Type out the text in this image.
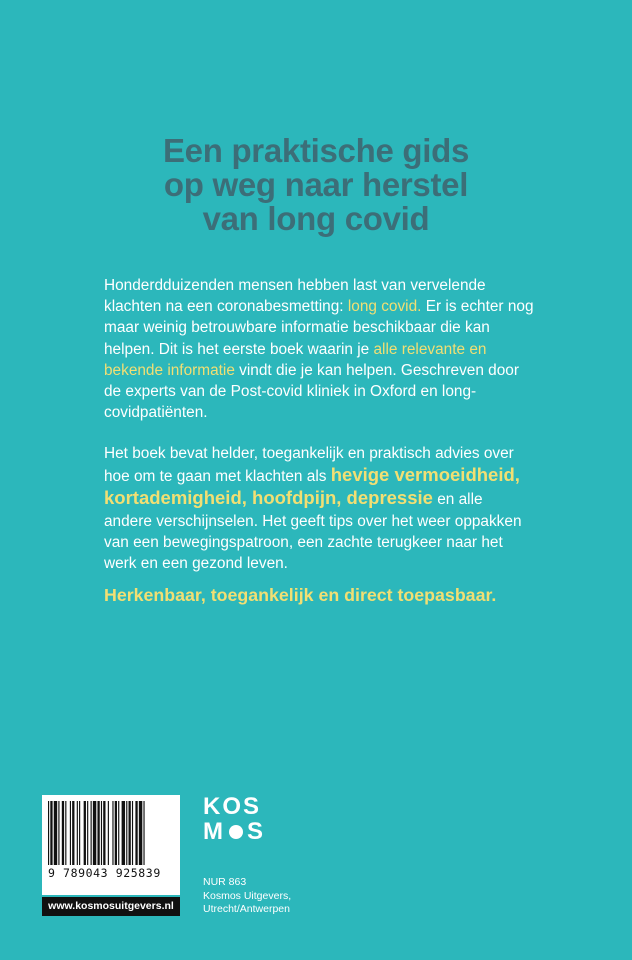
Een praktische gids
op weg naar herstel
van long covid
Honderdduizenden mensen hebben last van vervelende klachten na een coronabesmetting: long covid. Er is echter nog maar weinig betrouwbare informatie beschikbaar die kan helpen. Dit is het eerste boek waarin je alle relevante en bekende informatie vindt die je kan helpen. Geschreven door de experts van de Post-covid kliniek in Oxford en long-covidpatiënten.
Het boek bevat helder, toegankelijk en praktisch advies over hoe om te gaan met klachten als hevige vermoeidheid, kortademigheid, hoofdpijn, depressie en alle andere verschijnselen. Het geeft tips over het weer oppakken van een bewegingspatroon, een zachte terugkeer naar het werk en een gezond leven.
Herkenbaar, toegankelijk en direct toepasbaar.
9 789043 925839
www.kosmosuitgevers.nl
KOS
M S
NUR 863
Kosmos Uitgevers,
Utrecht/Antwerpen
